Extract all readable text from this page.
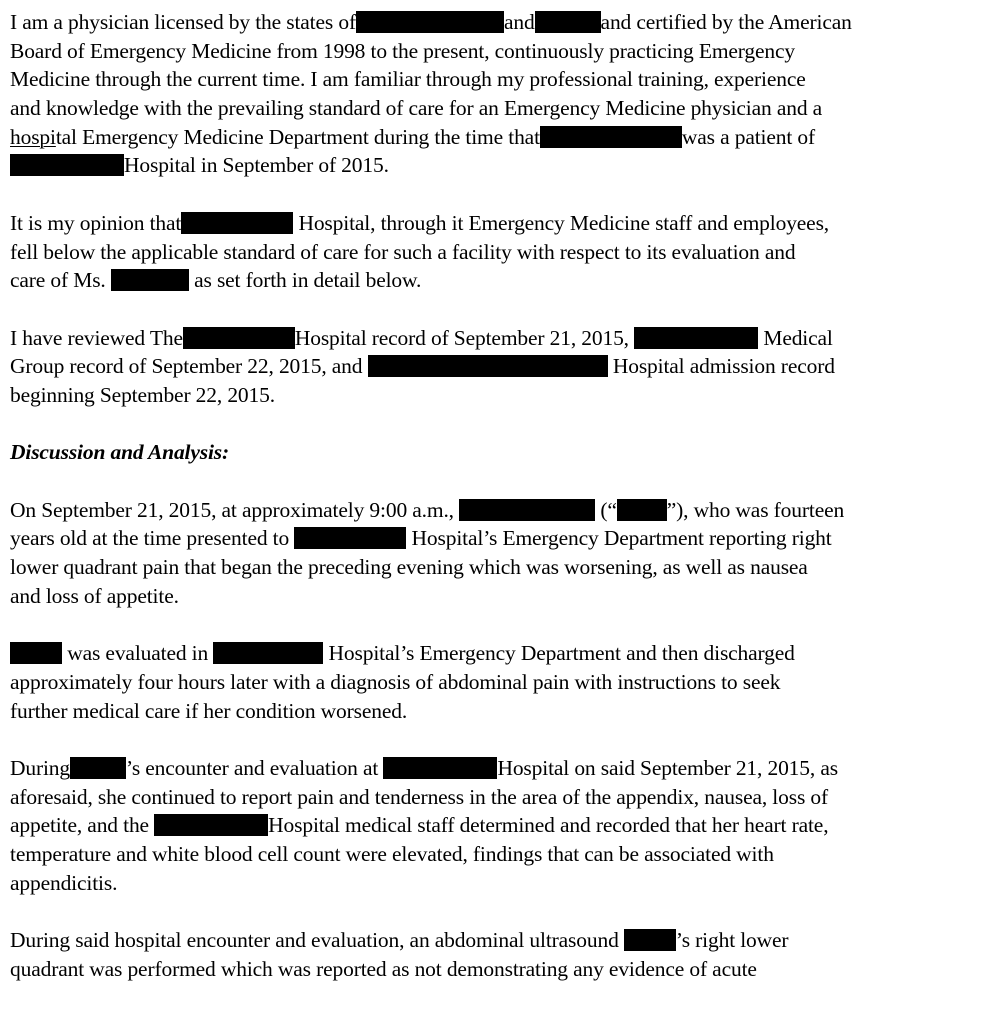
I am a physician licensed by the states of	and	and certified by the American
Board of Emergency Medicine from 1998 to the present, continuously practicing Emergency
Medicine through the current time. I am familiar through my professional training, experience
and knowledge with the prevailing standard of care for an Emergency Medicine physician and a
hospital Emergency Medicine Department during the time that	was a patient of
Hospital in September of 2015.

It is my opinion that	Hospital, through it Emergency Medicine staff and employees,
fell below the applicable standard of care for such a facility with respect to its evaluation and
care of Ms.	as set forth in detail below.

I have reviewed The	Hospital record of September 21, 2015,	Medical
Group record of September 22, 2015, and	Hospital admission record
beginning September 22, 2015.

Discussion and Analysis:

On September 21, 2015, at approximately 9:00 a.m.,	(“ ”), who was fourteen
years old at the time presented to	Hospital’s Emergency Department reporting right
lower quadrant pain that began the preceding evening which was worsening, as well as nausea
and loss of appetite.

was evaluated in	Hospital’s Emergency Department and then discharged
approximately four hours later with a diagnosis of abdominal pain with instructions to seek
further medical care if her condition worsened.

During	’s encounter and evaluation at	Hospital on said September 21, 2015, as
aforesaid, she continued to report pain and tenderness in the area of the appendix, nausea, loss of
appetite, and the	Hospital medical staff determined and recorded that her heart rate,
temperature and white blood cell count were elevated, findings that can be associated with
appendicitis.

During said hospital encounter and evaluation, an abdominal ultrasound ’s right lower
quadrant was performed which was reported as not demonstrating any evidence of acute
